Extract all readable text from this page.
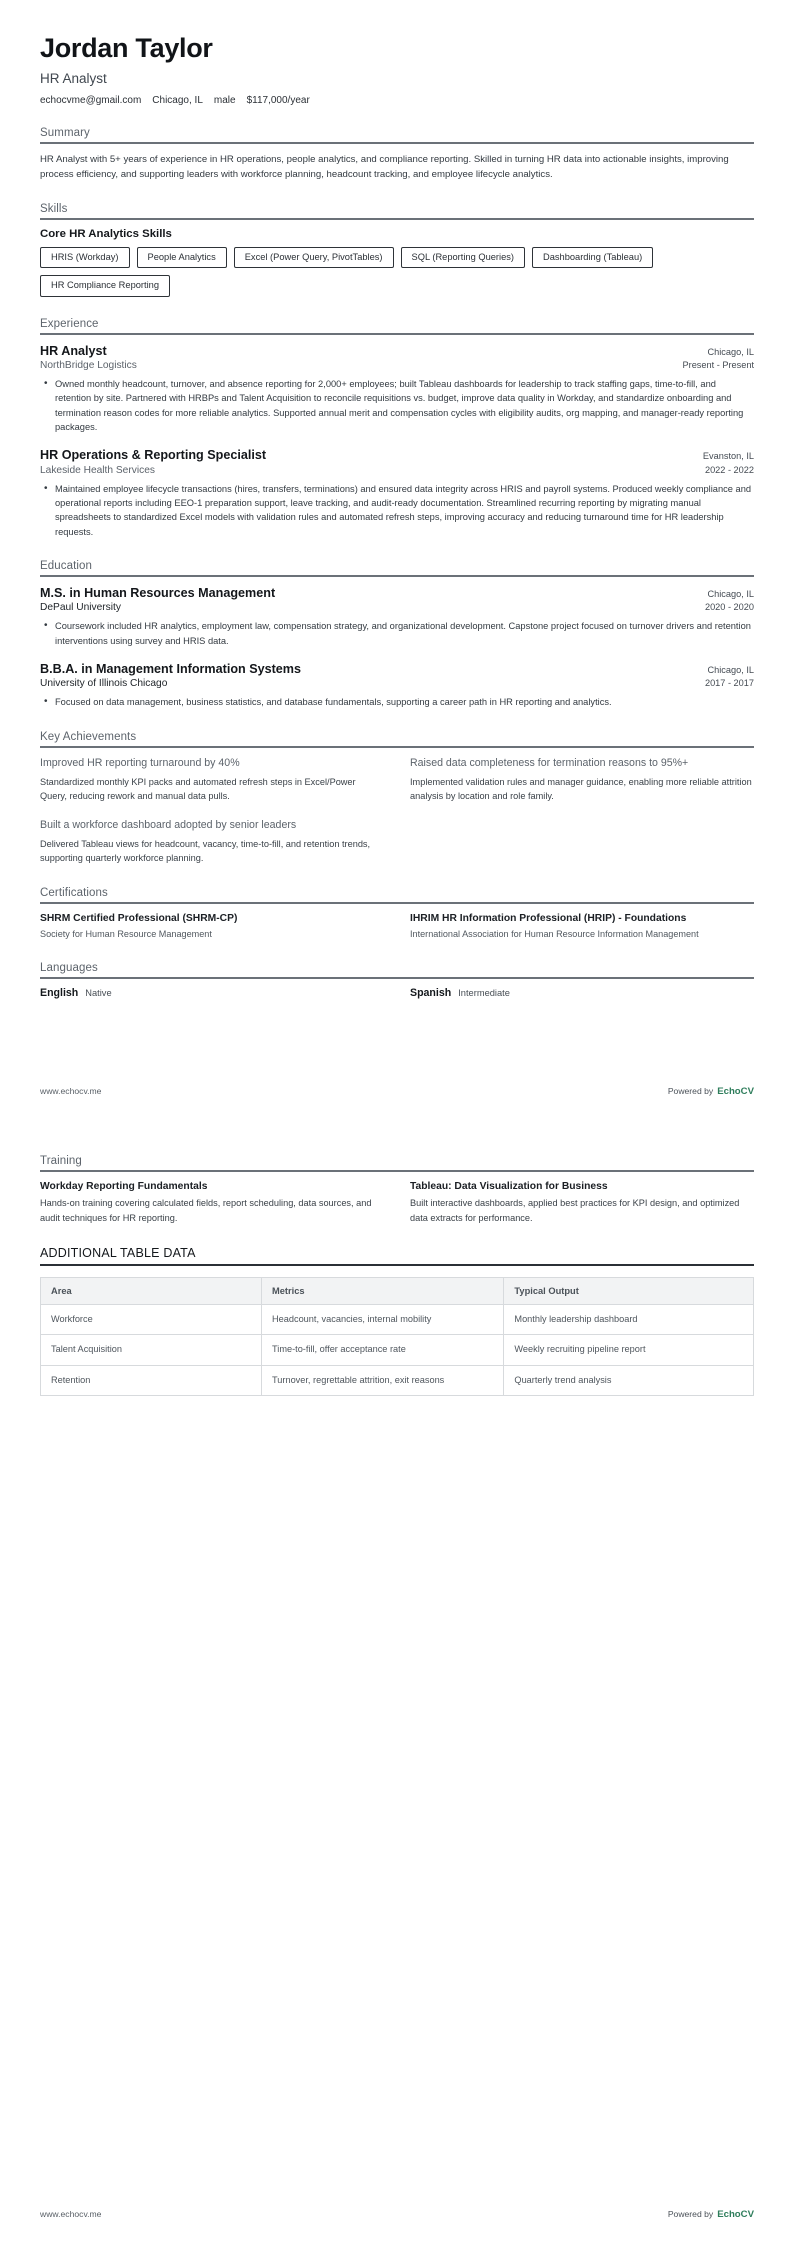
Jordan Taylor
HR Analyst
echocvme@gmail.com Chicago, IL male $117,000/year
Summary
HR Analyst with 5+ years of experience in HR operations, people analytics, and compliance reporting. Skilled in turning HR data into actionable insights, improving process efficiency, and supporting leaders with workforce planning, headcount tracking, and employee lifecycle analytics.
Skills
Core HR Analytics Skills
HRIS (Workday)	People Analytics	Excel (Power Query, PivotTables)	SQL (Reporting Queries)	Dashboarding (Tableau)
HR Compliance Reporting
Experience
HR Analyst	Chicago, IL
NorthBridge Logistics	Present - Present
• Owned monthly headcount, turnover, and absence reporting for 2,000+ employees; built Tableau dashboards for leadership to track staffing gaps, time-to-fill, and retention by site. Partnered with HRBPs and Talent Acquisition to reconcile requisitions vs. budget, improve data quality in Workday, and standardize onboarding and termination reason codes for more reliable analytics. Supported annual merit and compensation cycles with eligibility audits, org mapping, and manager-ready reporting packages.
HR Operations & Reporting Specialist	Evanston, IL
Lakeside Health Services	2022 - 2022
• Maintained employee lifecycle transactions (hires, transfers, terminations) and ensured data integrity across HRIS and payroll systems. Produced weekly compliance and operational reports including EEO-1 preparation support, leave tracking, and audit-ready documentation. Streamlined recurring reporting by migrating manual spreadsheets to standardized Excel models with validation rules and automated refresh steps, improving accuracy and reducing turnaround time for HR leadership requests.
Education
M.S. in Human Resources Management	Chicago, IL
DePaul University	2020 - 2020
• Coursework included HR analytics, employment law, compensation strategy, and organizational development. Capstone project focused on turnover drivers and retention interventions using survey and HRIS data.
B.B.A. in Management Information Systems	Chicago, IL
University of Illinois Chicago	2017 - 2017
• Focused on data management, business statistics, and database fundamentals, supporting a career path in HR reporting and analytics.
Key Achievements
Improved HR reporting turnaround by 40%
Standardized monthly KPI packs and automated refresh steps in Excel/Power Query, reducing rework and manual data pulls.
Raised data completeness for termination reasons to 95%+
Implemented validation rules and manager guidance, enabling more reliable attrition analysis by location and role family.
Built a workforce dashboard adopted by senior leaders
Delivered Tableau views for headcount, vacancy, time-to-fill, and retention trends, supporting quarterly workforce planning.
Certifications
SHRM Certified Professional (SHRM-CP)
Society for Human Resource Management
IHRIM HR Information Professional (HRIP) - Foundations
International Association for Human Resource Information Management
Languages
English Native	Spanish Intermediate
www.echocv.me	Powered by EchoCV
Training
Workday Reporting Fundamentals
Hands-on training covering calculated fields, report scheduling, data sources, and audit techniques for HR reporting.
Tableau: Data Visualization for Business
Built interactive dashboards, applied best practices for KPI design, and optimized data extracts for performance.
ADDITIONAL TABLE DATA
Area	Metrics	Typical Output
Workforce	Headcount, vacancies, internal mobility	Monthly leadership dashboard
Talent Acquisition	Time-to-fill, offer acceptance rate	Weekly recruiting pipeline report
Retention	Turnover, regrettable attrition, exit reasons	Quarterly trend analysis
www.echocv.me	Powered by EchoCV
